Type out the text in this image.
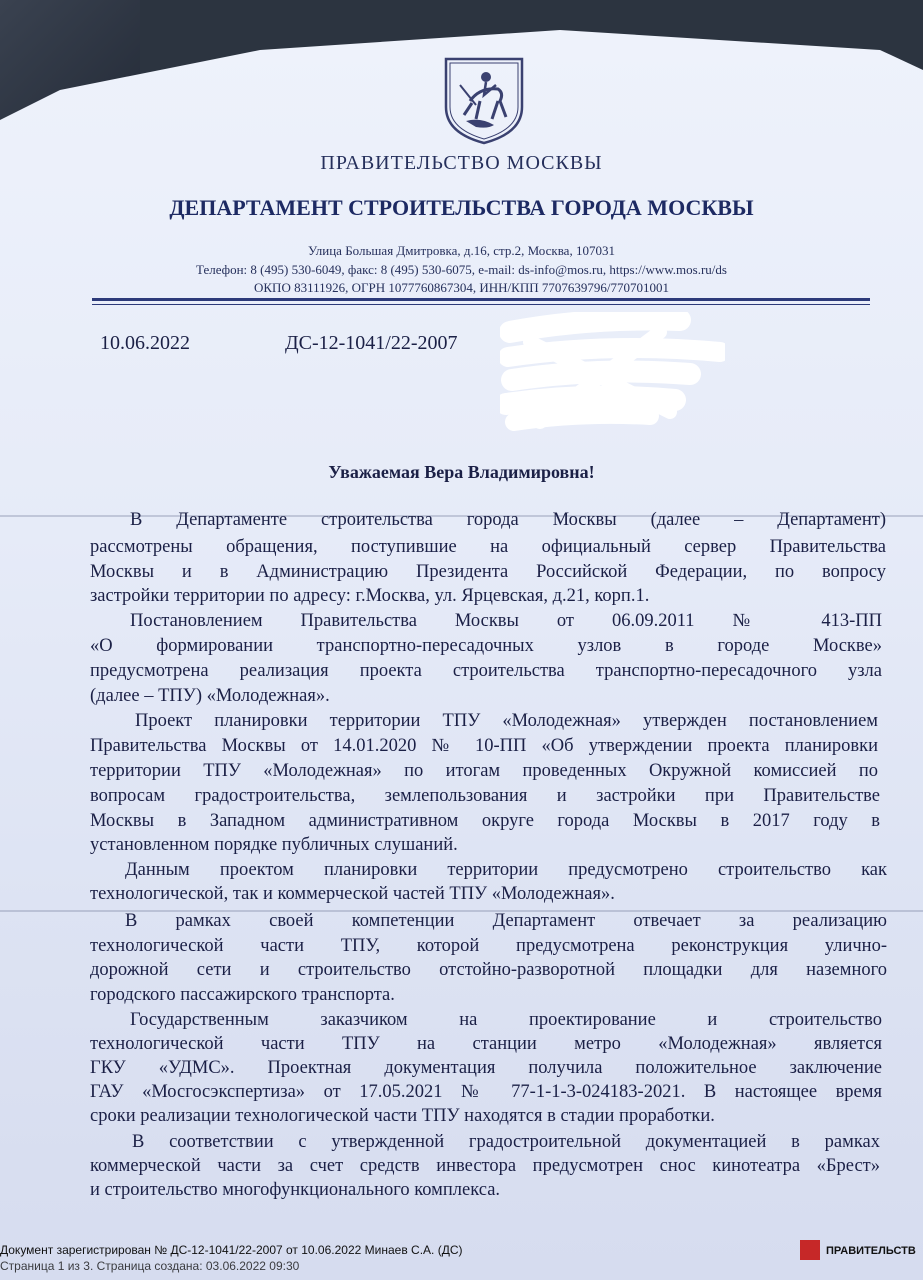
ПРАВИТЕЛЬСТВО МОСКВЫ
ДЕПАРТАМЕНТ СТРОИТЕЛЬСТВА ГОРОДА МОСКВЫ
Улица Большая Дмитровка, д.16, стр.2, Москва, 107031
Телефон: 8 (495) 530-6049, факс: 8 (495) 530-6075, e-mail: ds-info@mos.ru, https://www.mos.ru/ds
ОКПО 83111926, ОГРН 1077760867304, ИНН/КПП 7707639796/770701001
10.06.2022	ДС-12-1041/22-2007
Москва
Уважаемая Вера Владимировна!
В Департаменте строительства города Москвы (далее – Департамент)
рассмотрены обращения, поступившие на официальный сервер Правительства
Москвы и в Администрацию Президента Российской Федерации, по вопросу
застройки территории по адресу: г.Москва, ул. Ярцевская, д.21, корп.1.
Постановлением Правительства Москвы от 06.09.2011 № 413-ПП
«О формировании транспортно-пересадочных узлов в городе Москве»
предусмотрена реализация проекта строительства транспортно-пересадочного узла
(далее – ТПУ) «Молодежная».
Проект планировки территории ТПУ «Молодежная» утвержден постановлением
Правительства Москвы от 14.01.2020 № 10-ПП «Об утверждении проекта планировки
территории ТПУ «Молодежная» по итогам проведенных Окружной комиссией по
вопросам градостроительства, землепользования и застройки при Правительстве
Москвы в Западном административном округе города Москвы в 2017 году в
установленном порядке публичных слушаний.
Данным проектом планировки территории предусмотрено строительство как
технологической, так и коммерческой частей ТПУ «Молодежная».
В рамках своей компетенции Департамент отвечает за реализацию
технологической части ТПУ, которой предусмотрена реконструкция улично-
дорожной сети и строительство отстойно-разворотной площадки для наземного
городского пассажирского транспорта.
Государственным заказчиком на проектирование и строительство
технологической части ТПУ на станции метро «Молодежная» является
ГКУ «УДМС». Проектная документация получила положительное заключение
ГАУ «Мосгосэкспертиза» от 17.05.2021 № 77-1-1-3-024183-2021. В настоящее время
сроки реализации технологической части ТПУ находятся в стадии проработки.
В соответствии с утвержденной градостроительной документацией в рамках
коммерческой части за счет средств инвестора предусмотрен снос кинотеатра «Брест»
и строительство многофункционального комплекса.
Документ зарегистрирован № ДС-12-1041/22-2007 от 10.06.2022 Минаев С.А. (ДС)
Страница 1 из 3. Страница создана: 03.06.2022 09:30
ПРАВИТЕЛЬСТВ
